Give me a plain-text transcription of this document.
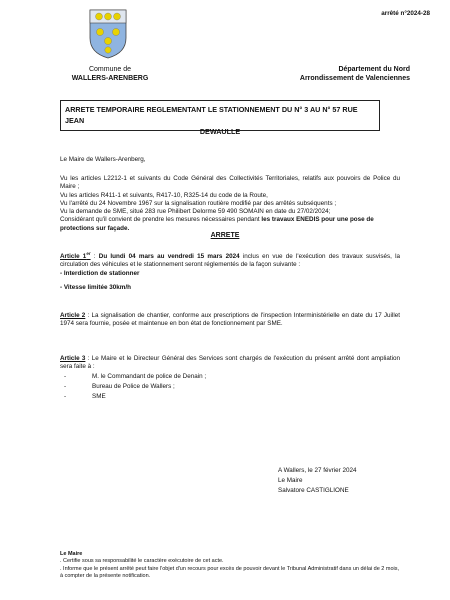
arrêté n°2024-28
Commune de
WALLERS-ARENBERG
Département du Nord
Arrondissement de Valenciennes
ARRETE TEMPORAIRE REGLEMENTANT LE STATIONNEMENT DU N° 3 AU N° 57 RUE JEAN
DEWAULLE
Le Maire de Wallers-Arenberg,
Vu les articles L2212-1 et suivants du Code Général des Collectivités Territoriales, relatifs aux pouvoirs de Police du Maire ;
Vu les articles R411-1 et suivants, R417-10, R325-14 du code de la Route,
Vu l'arrêté du 24 Novembre 1967 sur la signalisation routière modifié par des arrêtés subséquents ;
Vu la demande de SME, situé 283 rue Philibert Delorme 59 490 SOMAIN en date du 27/02/2024;
Considérant qu'il convient de prendre les mesures nécessaires pendant les travaux ENEDIS pour une pose de protections sur façade.
ARRETE
Article 1er : Du lundi 04 mars au vendredi 15 mars 2024 inclus en vue de l'exécution des travaux susvisés, la circulation des véhicules et le stationnement seront réglementés de la façon suivante :
- Interdiction de stationner
- Vitesse limitée 30km/h
Article 2 : La signalisation de chantier, conforme aux prescriptions de l'inspection Interministérielle en date du 17 Juillet 1974 sera fournie, posée et maintenue en bon état de fonctionnement par SME.
Article 3 : Le Maire et le Directeur Général des Services sont chargés de l'exécution du présent arrêté dont ampliation sera faite à :
-	M. le Commandant de police de Denain ;
-	Bureau de Police de Wallers ;
-	SME
A Wallers, le 27 février 2024
Le Maire
Salvatore CASTIGLIONE
Le Maire
. Certifie sous sa responsabilité le caractère exécutoire de cet acte.
. Informe que le présent arrêté peut faire l'objet d'un recours pour excès de pouvoir devant le Tribunal Administratif dans un délai de 2 mois, à compter de la présente notification.
